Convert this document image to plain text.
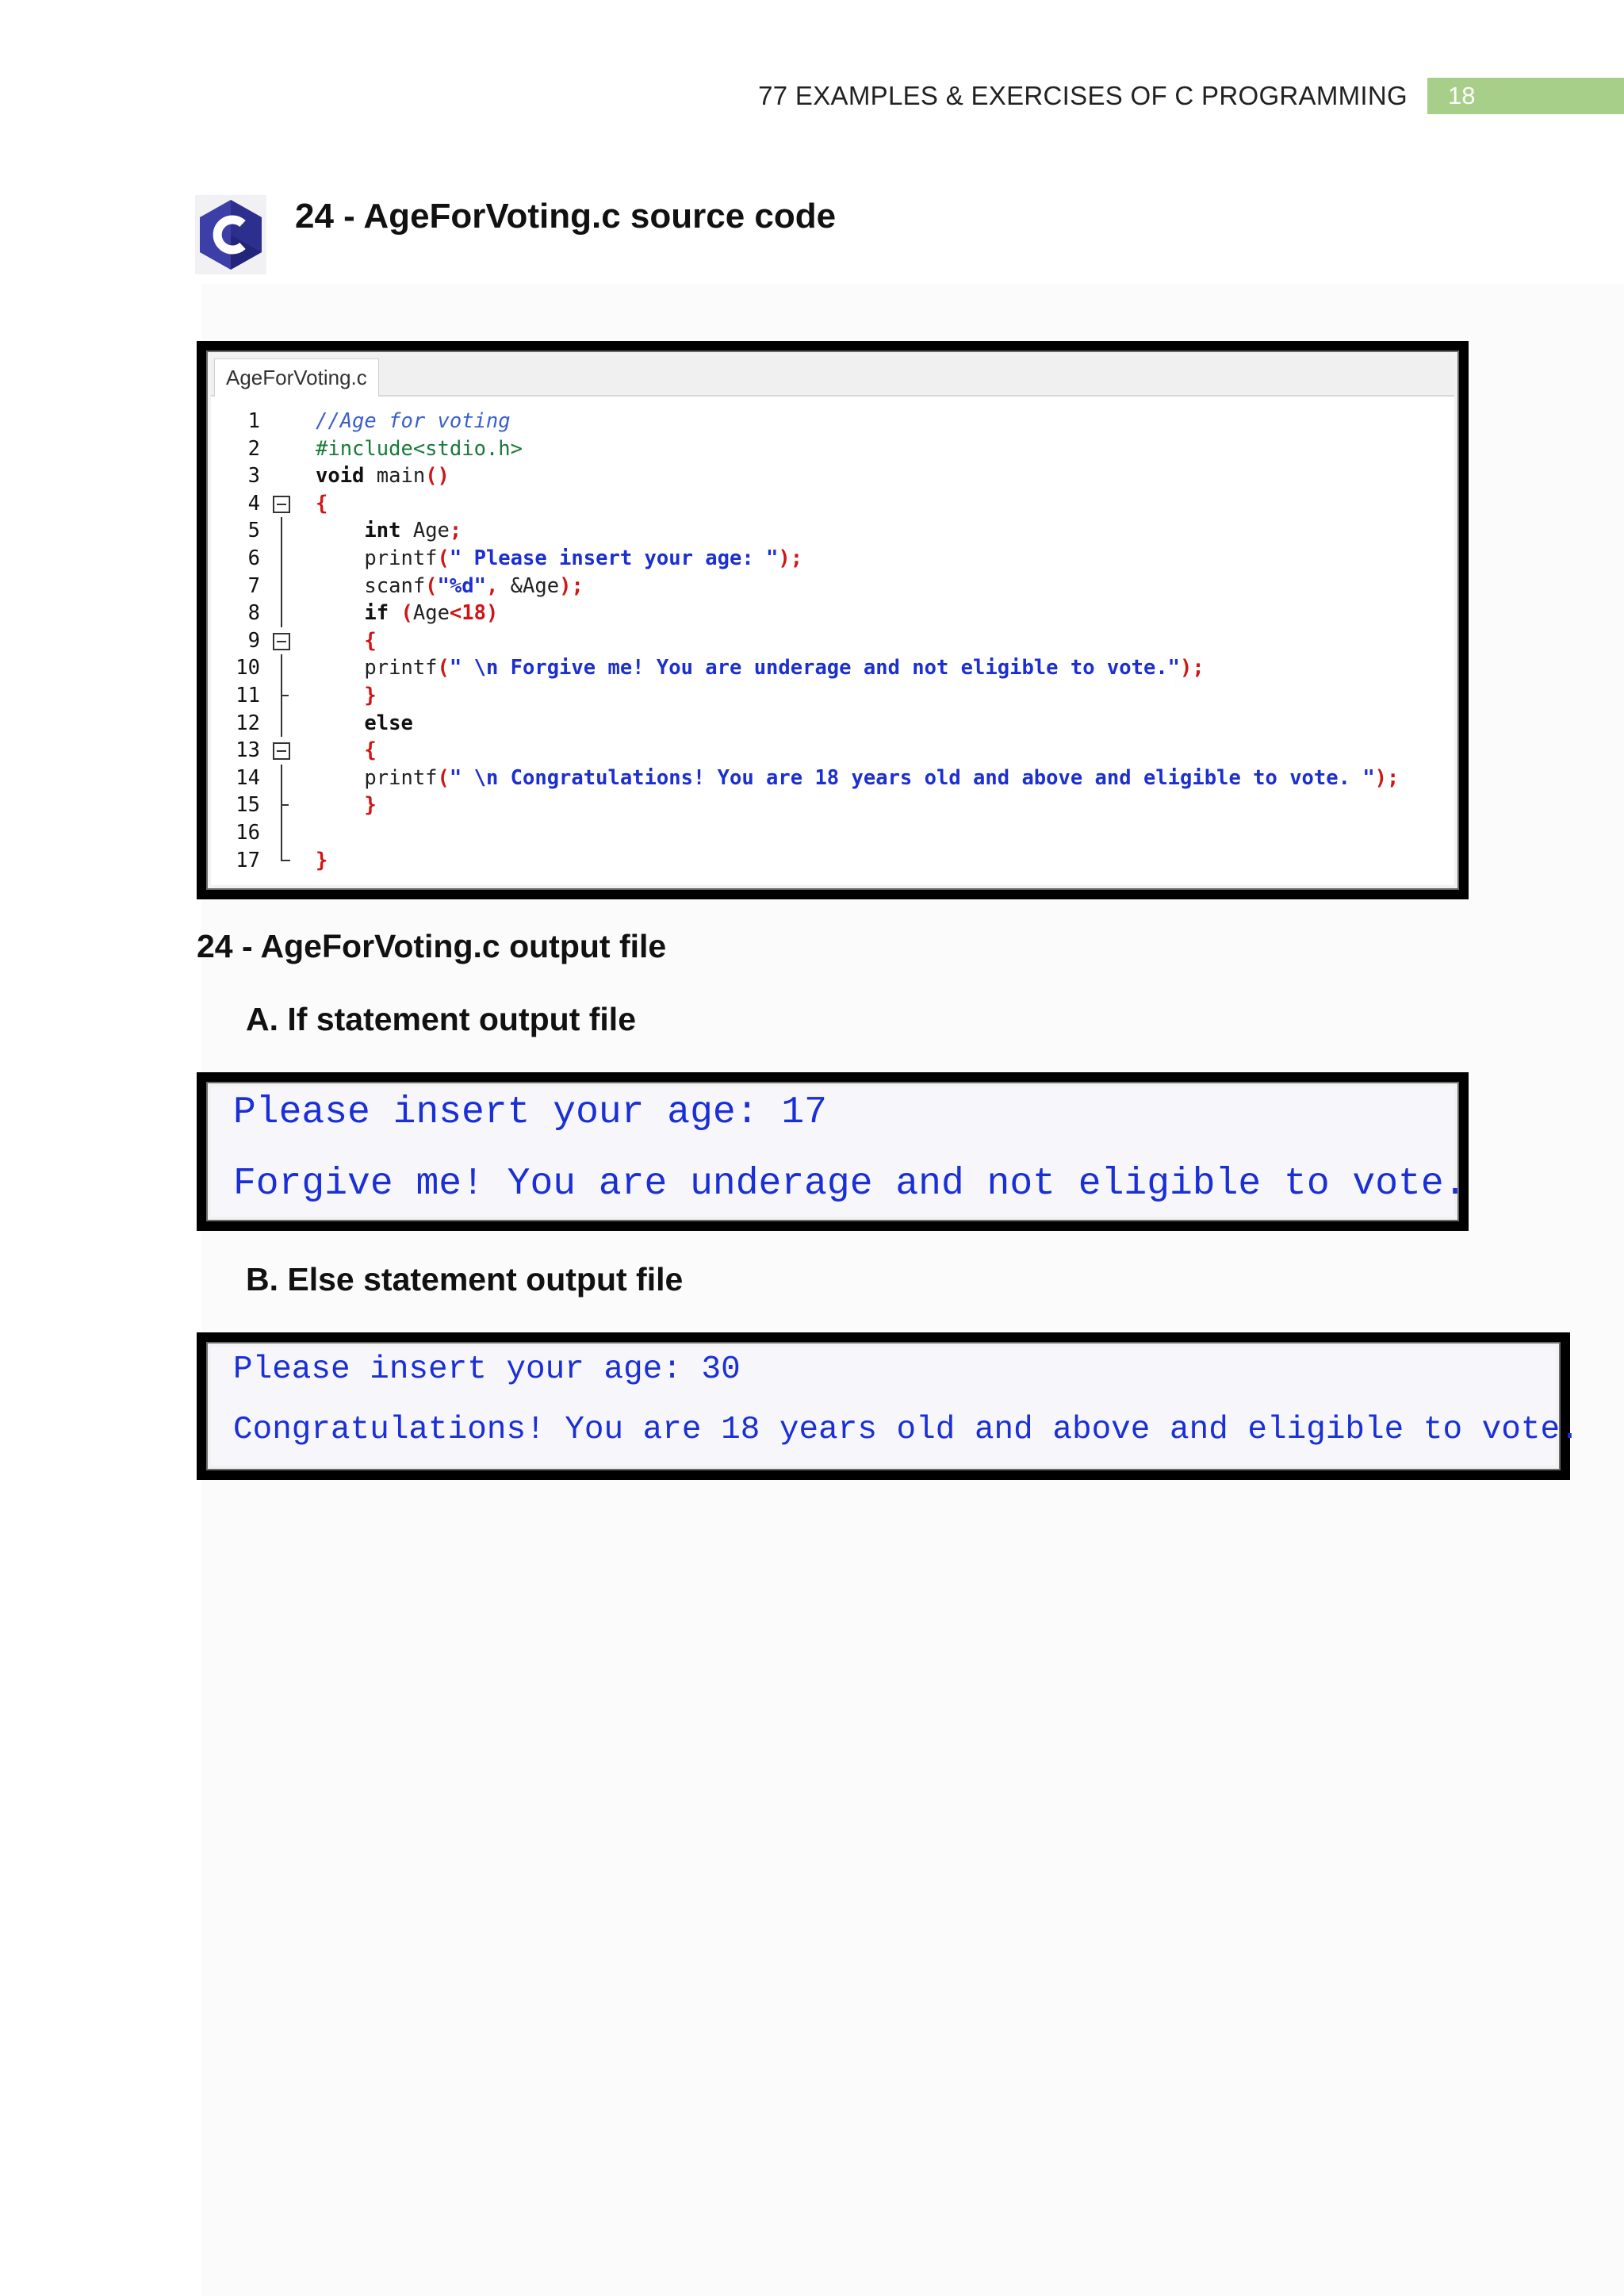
77 EXAMPLES & EXERCISES OF C PROGRAMMING	18
24 - AgeForVoting.c source code
AgeForVoting.c
1	//Age for voting
2	#include<stdio.h>
3	void main()
4	{
5	int Age;
6	printf(" Please insert your age: ");
7	scanf("%d", &Age);
8	if (Age<18)
9	{
10	printf(" \n Forgive me! You are underage and not eligible to vote.");
11	}
12	else
13	{
14	printf(" \n Congratulations! You are 18 years old and above and eligible to vote. ");
15	}
16
17	}
24 - AgeForVoting.c output file
A. If statement output file
Please insert your age: 17
Forgive me! You are underage and not eligible to vote.
B. Else statement output file
Please insert your age: 30
Congratulations! You are 18 years old and above and eligible to vote.
